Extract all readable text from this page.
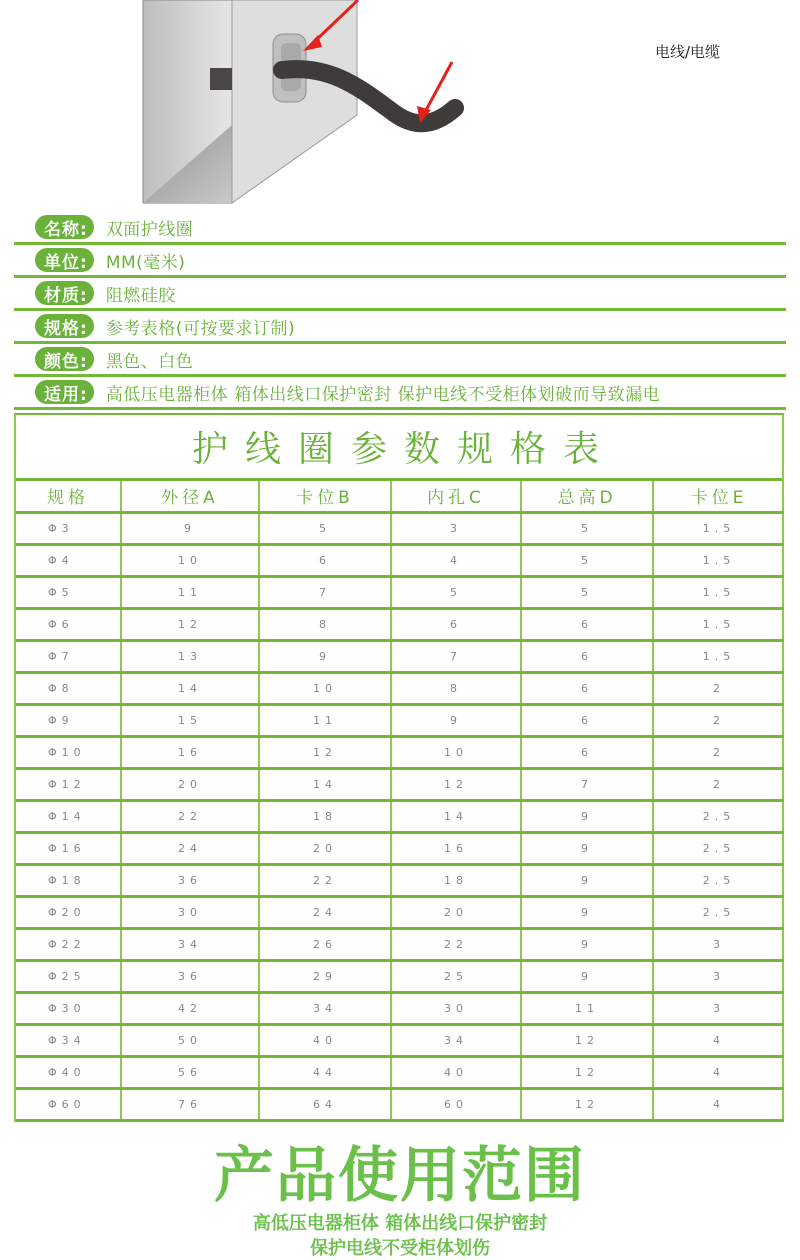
电线/电缆
名称:	双面护线圈
单位:	MM(毫米)
材质:	阻燃硅胶
规格:	参考表格(可按要求订制)
颜色:	黑色、白色
适用:	高低压电器柜体 箱体出线口保护密封 保护电线不受柜体划破而导致漏电
护线圈参数规格表
规格	外径A	卡位B	内孔C	总高D	卡位E
Φ3	9	5	3	5	1.5
Φ4	10	6	4	5	1.5
Φ5	11	7	5	5	1.5
Φ6	12	8	6	6	1.5
Φ7	13	9	7	6	1.5
Φ8	14	10	8	6	2
Φ9	15	11	9	6	2
Φ10	16	12	10	6	2
Φ12	20	14	12	7	2
Φ14	22	18	14	9	2.5
Φ16	24	20	16	9	2.5
Φ18	36	22	18	9	2.5
Φ20	30	24	20	9	2.5
Φ22	34	26	22	9	3
Φ25	36	29	25	9	3
Φ30	42	34	30	11	3
Φ34	50	40	34	12	4
Φ40	56	44	40	12	4
Φ60	76	64	60	12	4
产品使用范围
高低压电器柜体 箱体出线口保护密封
保护电线不受柜体划伤
